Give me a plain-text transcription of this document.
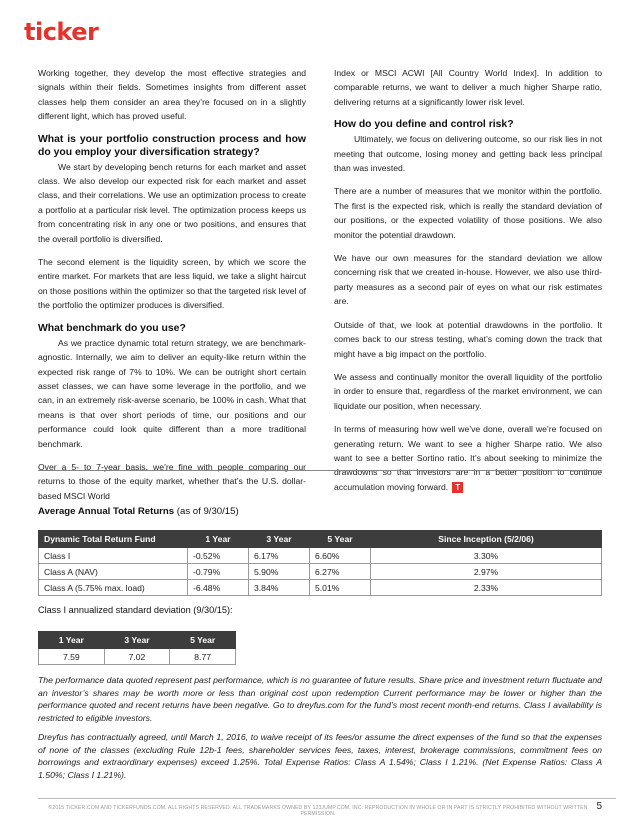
ticker

Working together, they develop the most effective strategies and signals within their fields. Sometimes insights from different asset classes help them consider an area they’re focused on in a slightly different light, which has proved useful.

What is your portfolio construction process and how do you employ your diversification strategy?

We start by developing bench returns for each market and asset class. We also develop our expected risk for each market and asset class, and their correlations. We use an optimization process to create a portfolio at a particular risk level. The optimization process keeps us from concentrating risk in any one or two positions, and ensures that the overall portfolio is diversified.

The second element is the liquidity screen, by which we score the entire market. For markets that are less liquid, we take a slight haircut on those positions within the optimizer so that the targeted risk level of the portfolio the optimizer produces is diversified.

What benchmark do you use?

As we practice dynamic total return strategy, we are benchmark-agnostic. Internally, we aim to deliver an equity-like return within the expected risk range of 7% to 10%. We can be outright short certain asset classes, we can have some leverage in the portfolio, and we can, in an extremely risk-averse scenario, be 100% in cash. What that means is that over short periods of time, our positions and our performance could look quite different than a more traditional benchmark.

Over a 5- to 7-year basis, we’re fine with people comparing our returns to those of the equity market, whether that’s the U.S. dollar-based MSCI World

Index or MSCI ACWI [All Country World Index]. In addition to comparable returns, we want to deliver a much higher Sharpe ratio, delivering returns at a significantly lower risk level.

How do you define and control risk?

Ultimately, we focus on delivering outcome, so our risk lies in not meeting that outcome, losing money and getting back less principal than was invested.

There are a number of measures that we monitor within the portfolio. The first is the expected risk, which is really the standard deviation of our positions, or the expected volatility of those positions. We also monitor the potential drawdown.

We have our own measures for the standard deviation we allow concerning risk that we created in-house. However, we also use third-party measures as a second pair of eyes on what our risk estimates are.

Outside of that, we look at potential drawdowns in the portfolio. It comes back to our stress testing, what’s coming down the track that might have a big impact on the portfolio.

We assess and continually monitor the overall liquidity of the portfolio in order to ensure that, regardless of the market environment, we can liquidate our position, when necessary.

In terms of measuring how well we’ve done, overall we’re focused on generating return. We want to see a higher Sharpe ratio. We also want to see a better Sortino ratio. It’s about seeking to minimize the drawdowns so that investors are in a better position to continue accumulation moving forward. T

Average Annual Total Returns (as of 9/30/15)
Dynamic Total Return Fund	1 Year	3 Year	5 Year	Since Inception (5/2/06)
Class I	-0.52%	6.17%	6.60%	3.30%
Class A (NAV)	-0.79%	5.90%	6.27%	2.97%
Class A (5.75% max. load)	-6.48%	3.84%	5.01%	2.33%
Class I annualized standard deviation (9/30/15):
1 Year	3 Year	5 Year
7.59	7.02	8.77
The performance data quoted represent past performance, which is no guarantee of future results. Share price and investment return fluctuate and an investor’s shares may be worth more or less than original cost upon redemption Current performance may be lower or higher than the performance quoted and recent returns have been negative. Go to dreyfus.com for the fund’s most recent month-end returns. Class I availability is restricted to eligible investors.
Dreyfus has contractually agreed, until March 1, 2016, to waive receipt of its fees/or assume the direct expenses of the fund so that the expenses of none of the classes (excluding Rule 12b-1 fees, shareholder services fees, taxes, interest, brokerage commissions, commitment fees on borrowings and extraordinary expenses) exceed 1.25%. Total Expense Ratios: Class A 1.54%; Class I 1.21%. (Net Expense Ratios: Class A 1.50%; Class I 1.21%).
©2015 TICKER.COM AND TICKERFUNDS.COM. ALL RIGHTS RESERVED. ALL TRADEMARKS OWNED BY 123JUMP.COM, INC. REPRODUCTION IN WHOLE OR IN PART IS STRICTLY PROHIBITED WITHOUT WRITTEN PERMISSION.
5
